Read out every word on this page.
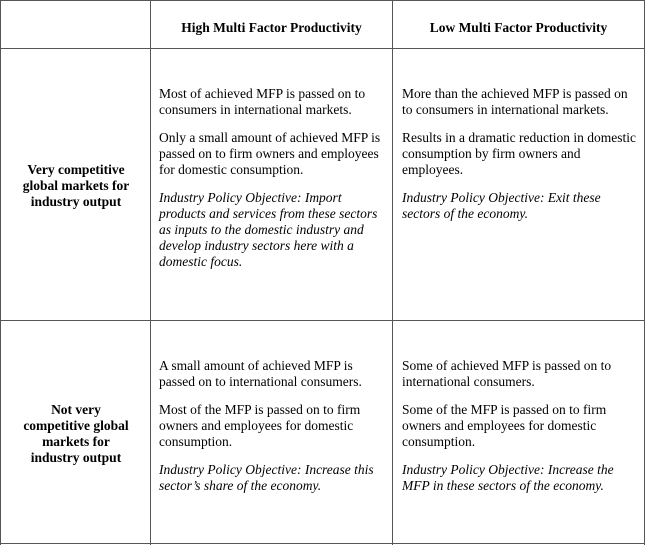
High Multi Factor Productivity	Low Multi Factor Productivity
Very competitive global markets for industry output

Most of achieved MFP is passed on to consumers in international markets.

Only a small amount of achieved MFP is passed on to firm owners and employees for domestic consumption.

Industry Policy Objective: Import products and services from these sectors as inputs to the domestic industry and develop industry sectors here with a domestic focus.

More than the achieved MFP is passed on to consumers in international markets.

Results in a dramatic reduction in domestic consumption by firm owners and employees.

Industry Policy Objective: Exit these sectors of the economy.

Not very competitive global markets for industry output

A small amount of achieved MFP is passed on to international consumers.

Most of the MFP is passed on to firm owners and employees for domestic consumption.

Industry Policy Objective: Increase this sector’s share of the economy.

Some of achieved MFP is passed on to international consumers.

Some of the MFP is passed on to firm owners and employees for domestic consumption.

Industry Policy Objective: Increase the MFP in these sectors of the economy.
